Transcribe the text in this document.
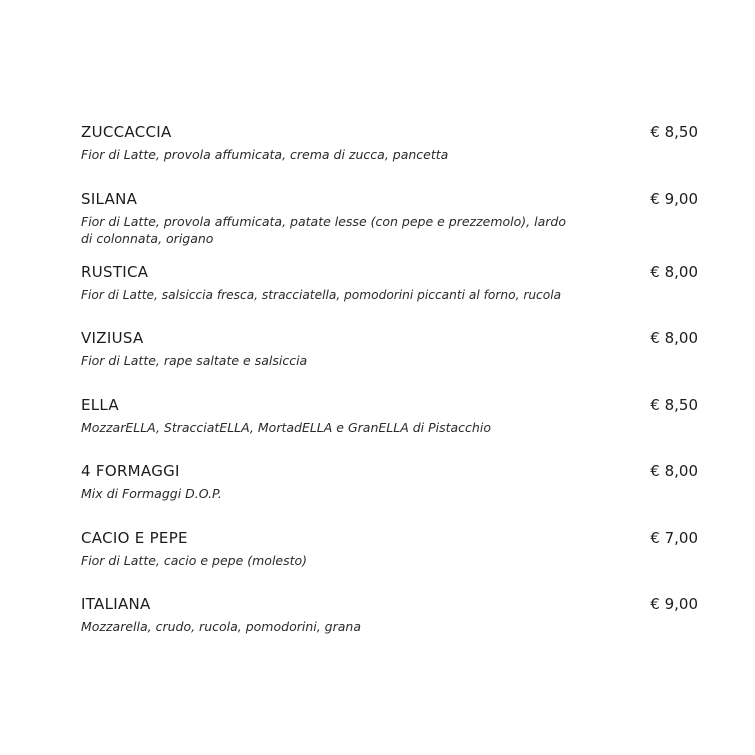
ZUCCACCIA	€ 8,50
Fior di Latte, provola affumicata, crema di zucca, pancetta
SILANA	€ 9,00
Fior di Latte, provola affumicata, patate lesse (con pepe e prezzemolo), lardo di colonnata, origano
RUSTICA	€ 8,00
Fior di Latte, salsiccia fresca, stracciatella, pomodorini piccanti al forno, rucola
VIZIUSA	€ 8,00
Fior di Latte, rape saltate e salsiccia
ELLA	€ 8,50
MozzarELLA, StracciatELLA, MortadELLA e GranELLA di Pistacchio
4 FORMAGGI	€ 8,00
Mix di Formaggi D.O.P.
CACIO E PEPE	€ 7,00
Fior di Latte, cacio e pepe (molesto)
ITALIANA	€ 9,00
Mozzarella, crudo, rucola, pomodorini, grana
